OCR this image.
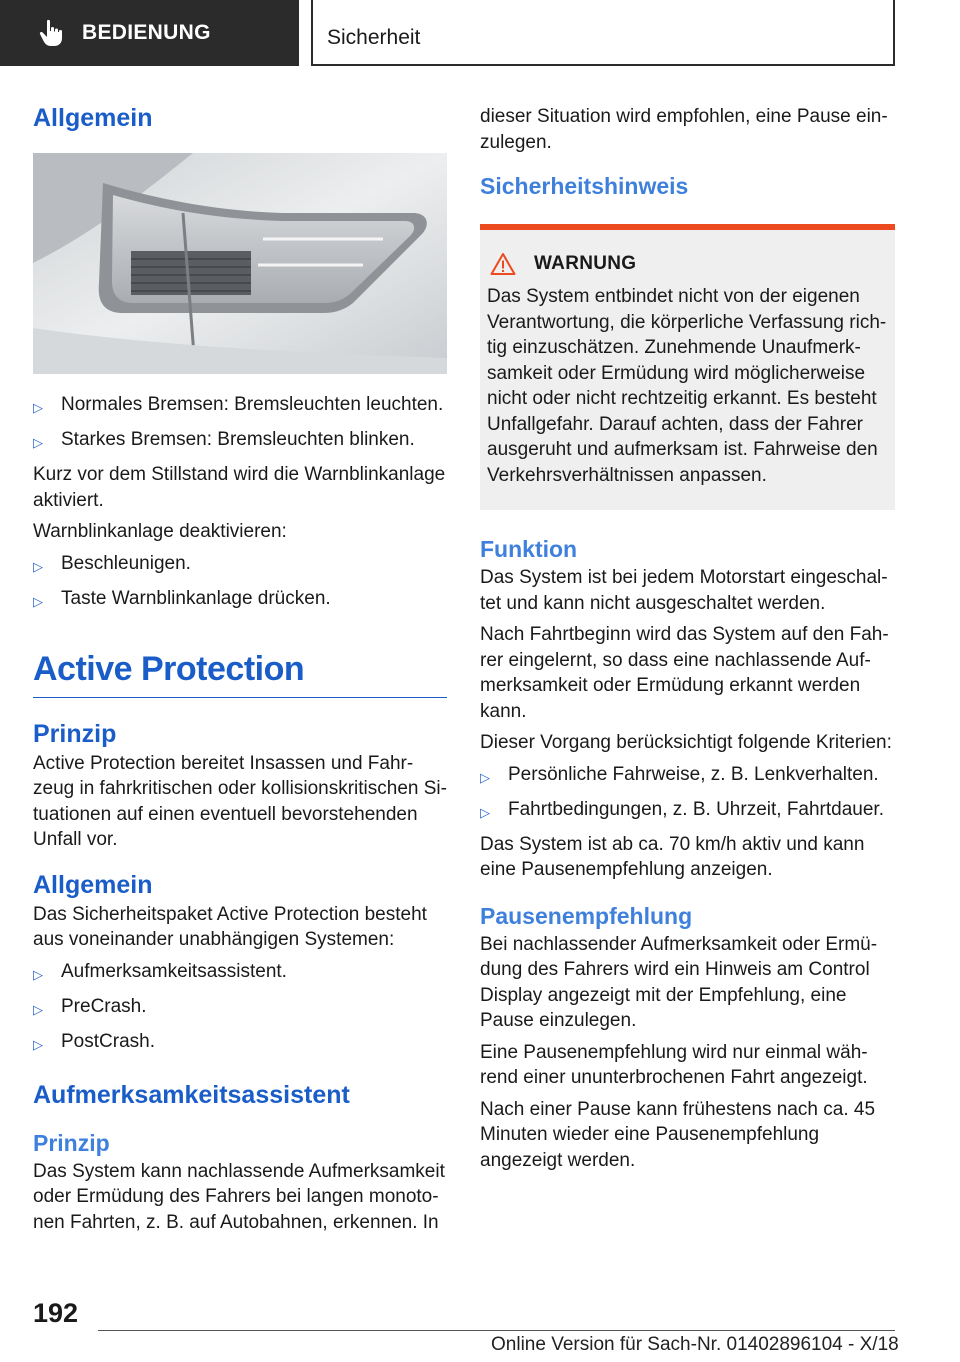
BEDIENUNG	Sicherheit
Allgemein
▷ Normales Bremsen: Bremsleuchten leuchten.
▷ Starkes Bremsen: Bremsleuchten blinken.

Kurz vor dem Stillstand wird die Warnblinkanlage aktiviert.

Warnblinkanlage deaktivieren:

▷ Beschleunigen.
▷ Taste Warnblinkanlage drücken.
Active Protection
Prinzip

Active Protection bereitet Insassen und Fahrzeug in fahrkritischen oder kollisionskritischen Situationen auf einen eventuell bevorstehenden Unfall vor.

Allgemein

Das Sicherheitspaket Active Protection besteht aus voneinander unabhängigen Systemen:

▷ Aufmerksamkeitsassistent.
▷ PreCrash.
▷ PostCrash.
Aufmerksamkeitsassistent
Prinzip

Das System kann nachlassende Aufmerksamkeit oder Ermüdung des Fahrers bei langen monotonen Fahrten, z. B. auf Autobahnen, erkennen. In

dieser Situation wird empfohlen, eine Pause einzulegen.

Sicherheitshinweis
WARNUNG

Das System entbindet nicht von der eigenen Verantwortung, die körperliche Verfassung richtig einzuschätzen. Zunehmende Unaufmerksamkeit oder Ermüdung wird möglicherweise nicht oder nicht rechtzeitig erkannt. Es besteht Unfallgefahr. Darauf achten, dass der Fahrer ausgeruht und aufmerksam ist. Fahrweise den Verkehrsverhältnissen anpassen.

Funktion

Das System ist bei jedem Motorstart eingeschaltet und kann nicht ausgeschaltet werden.

Nach Fahrtbeginn wird das System auf den Fahrer eingelernt, so dass eine nachlassende Aufmerksamkeit oder Ermüdung erkannt werden kann.

Dieser Vorgang berücksichtigt folgende Kriterien:

▷ Persönliche Fahrweise, z. B. Lenkverhalten.
▷ Fahrtbedingungen, z. B. Uhrzeit, Fahrtdauer.

Das System ist ab ca. 70 km/h aktiv und kann eine Pausenempfehlung anzeigen.

Pausenempfehlung

Bei nachlassender Aufmerksamkeit oder Ermüdung des Fahrers wird ein Hinweis am Control Display angezeigt mit der Empfehlung, eine Pause einzulegen.

Eine Pausenempfehlung wird nur einmal während einer ununterbrochenen Fahrt angezeigt.

Nach einer Pause kann frühestens nach ca. 45 Minuten wieder eine Pausenempfehlung angezeigt werden.

192
Online Version für Sach-Nr. 01402896104 - X/18
